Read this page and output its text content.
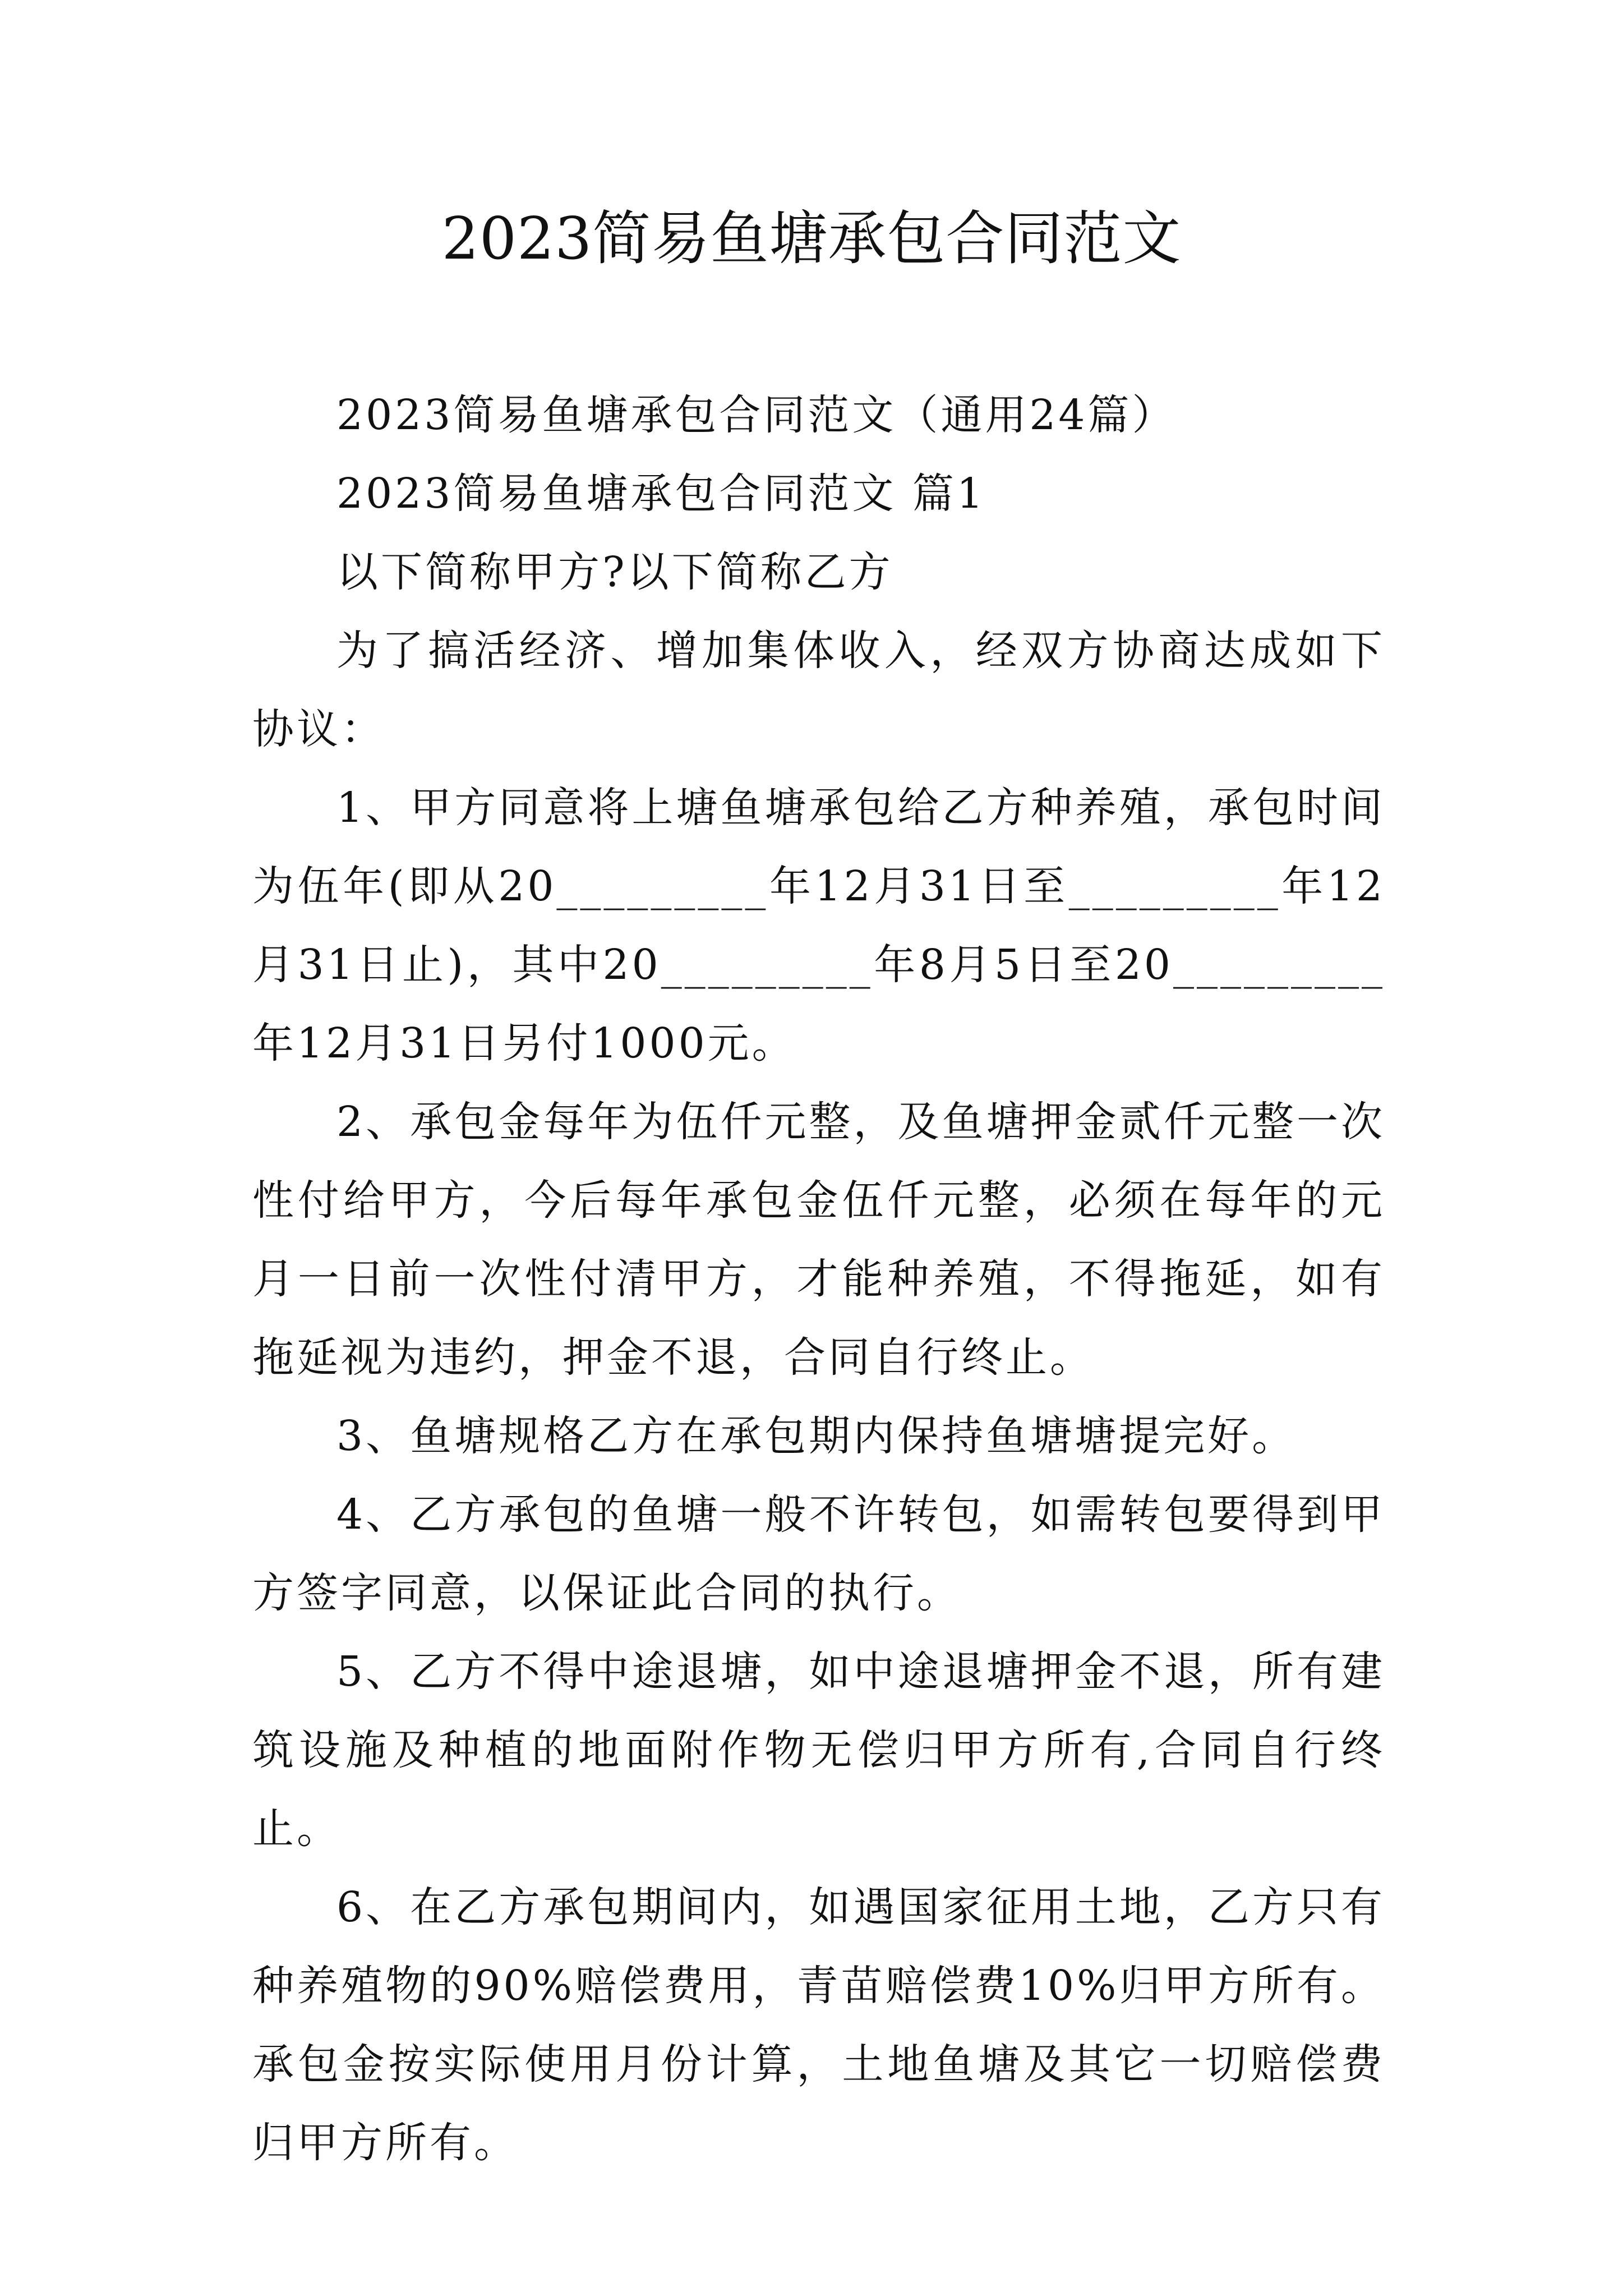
2023简易鱼塘承包合同范文

2023简易鱼塘承包合同范文（通用24篇）

2023简易鱼塘承包合同范文 篇1

以下简称甲方?以下简称乙方

为了搞活经济、增加集体收入，经双方协商达成如下协议：

1、甲方同意将上塘鱼塘承包给乙方种养殖，承包时间为伍年(即从20_________年12月31日至_________年12月31日止)，其中20_________年8月5日至20_________年12月31日另付1000元。

2、承包金每年为伍仟元整，及鱼塘押金贰仟元整一次性付给甲方，今后每年承包金伍仟元整，必须在每年的元月一日前一次性付清甲方，才能种养殖，不得拖延，如有拖延视为违约，押金不退，合同自行终止。

3、鱼塘规格乙方在承包期内保持鱼塘塘提完好。

4、乙方承包的鱼塘一般不许转包，如需转包要得到甲方签字同意，以保证此合同的执行。

5、乙方不得中途退塘，如中途退塘押金不退，所有建筑设施及种植的地面附作物无偿归甲方所有,合同自行终止。

6、在乙方承包期间内，如遇国家征用土地，乙方只有种养殖物的90%赔偿费用，青苗赔偿费10%归甲方所有。承包金按实际使用月份计算，土地鱼塘及其它一切赔偿费归甲方所有。
